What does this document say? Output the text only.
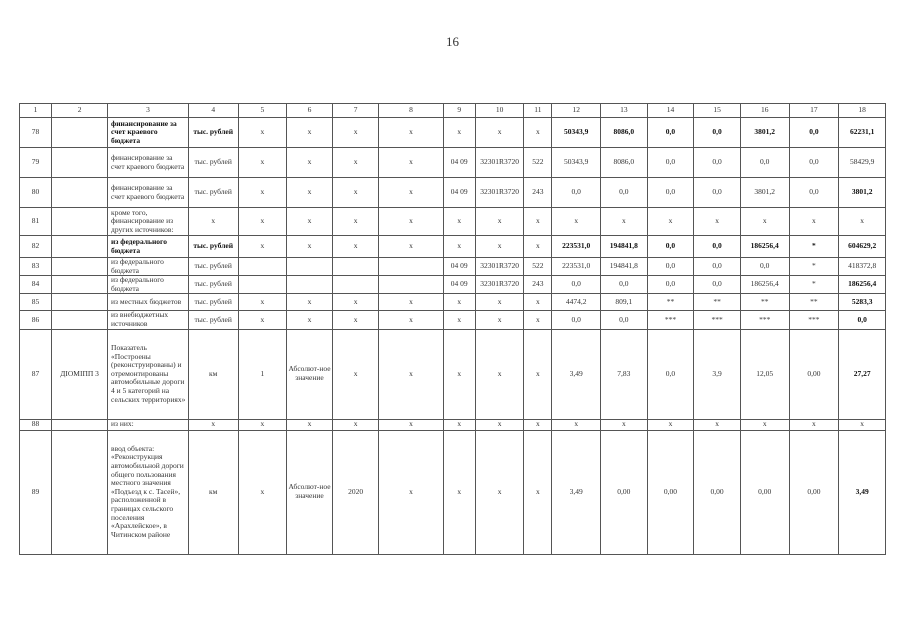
16
1	2	3	4	5	6	7	8	9	10	11	12	13	14	15	16	17	18
78		финансирование за счет краевого бюджета	тыс. рублей	х	х	х	х	х	х	х	50343,9	8086,0	0,0	0,0	3801,2	0,0	62231,1
79		финансирование за счет краевого бюджета	тыс. рублей	х	х	х	х	04 09	32301R3720	522	50343,9	8086,0	0,0	0,0	0,0	0,0	58429,9
80		финансирование за счет краевого бюджета	тыс. рублей	х	х	х	х	04 09	32301R3720	243	0,0	0,0	0,0	0,0	3801,2	0,0	3801,2
81		кроме того, финансирование из других источников:	х	х	х	х	х	х	х	х	х	х	х	х	х	х	х
82		из федерального бюджета	тыс. рублей	х	х	х	х	х	х	х	223531,0	194841,8	0,0	0,0	186256,4	*	604629,2
83		из федерального бюджета	тыс. рублей					04 09	32301R3720	522	223531,0	194841,8	0,0	0,0	0,0	*	418372,8
84		из федерального бюджета	тыс. рублей					04 09	32301R3720	243	0,0	0,0	0,0	0,0	186256,4	*	186256,4
85		из местных бюджетов	тыс. рублей	х	х	х	х	х	х	х	4474,2	809,1	**	**	**	**	5283,3
86		из внебюджетных источников	тыс. рублей	х	х	х	х	х	х	х	0,0	0,0	***	***	***	***	0,0
87	ДІОМІПП 3	Показатель «Построены (реконструированы) и отремонтированы автомобильные дороги 4 и 5 категорий на сельских территориях»	км	1	Абсолют-ное значение	х	х	х	х	х	3,49	7,83	0,0	3,9	12,05	0,00	27,27
88		из них:	х	х	х	х	х	х	х	х	х	х	х	х	х	х	х
89		ввод объекта: «Реконструкция автомобильной дороги общего пользования местного значения «Подъезд к с. Тасей», расположенной в границах сельского поселения «Арахлейское», в Читинском районе	км	х	Абсолют-ное значение	2020	х	х	х	х	3,49	0,00	0,00	0,00	0,00	0,00	3,49
